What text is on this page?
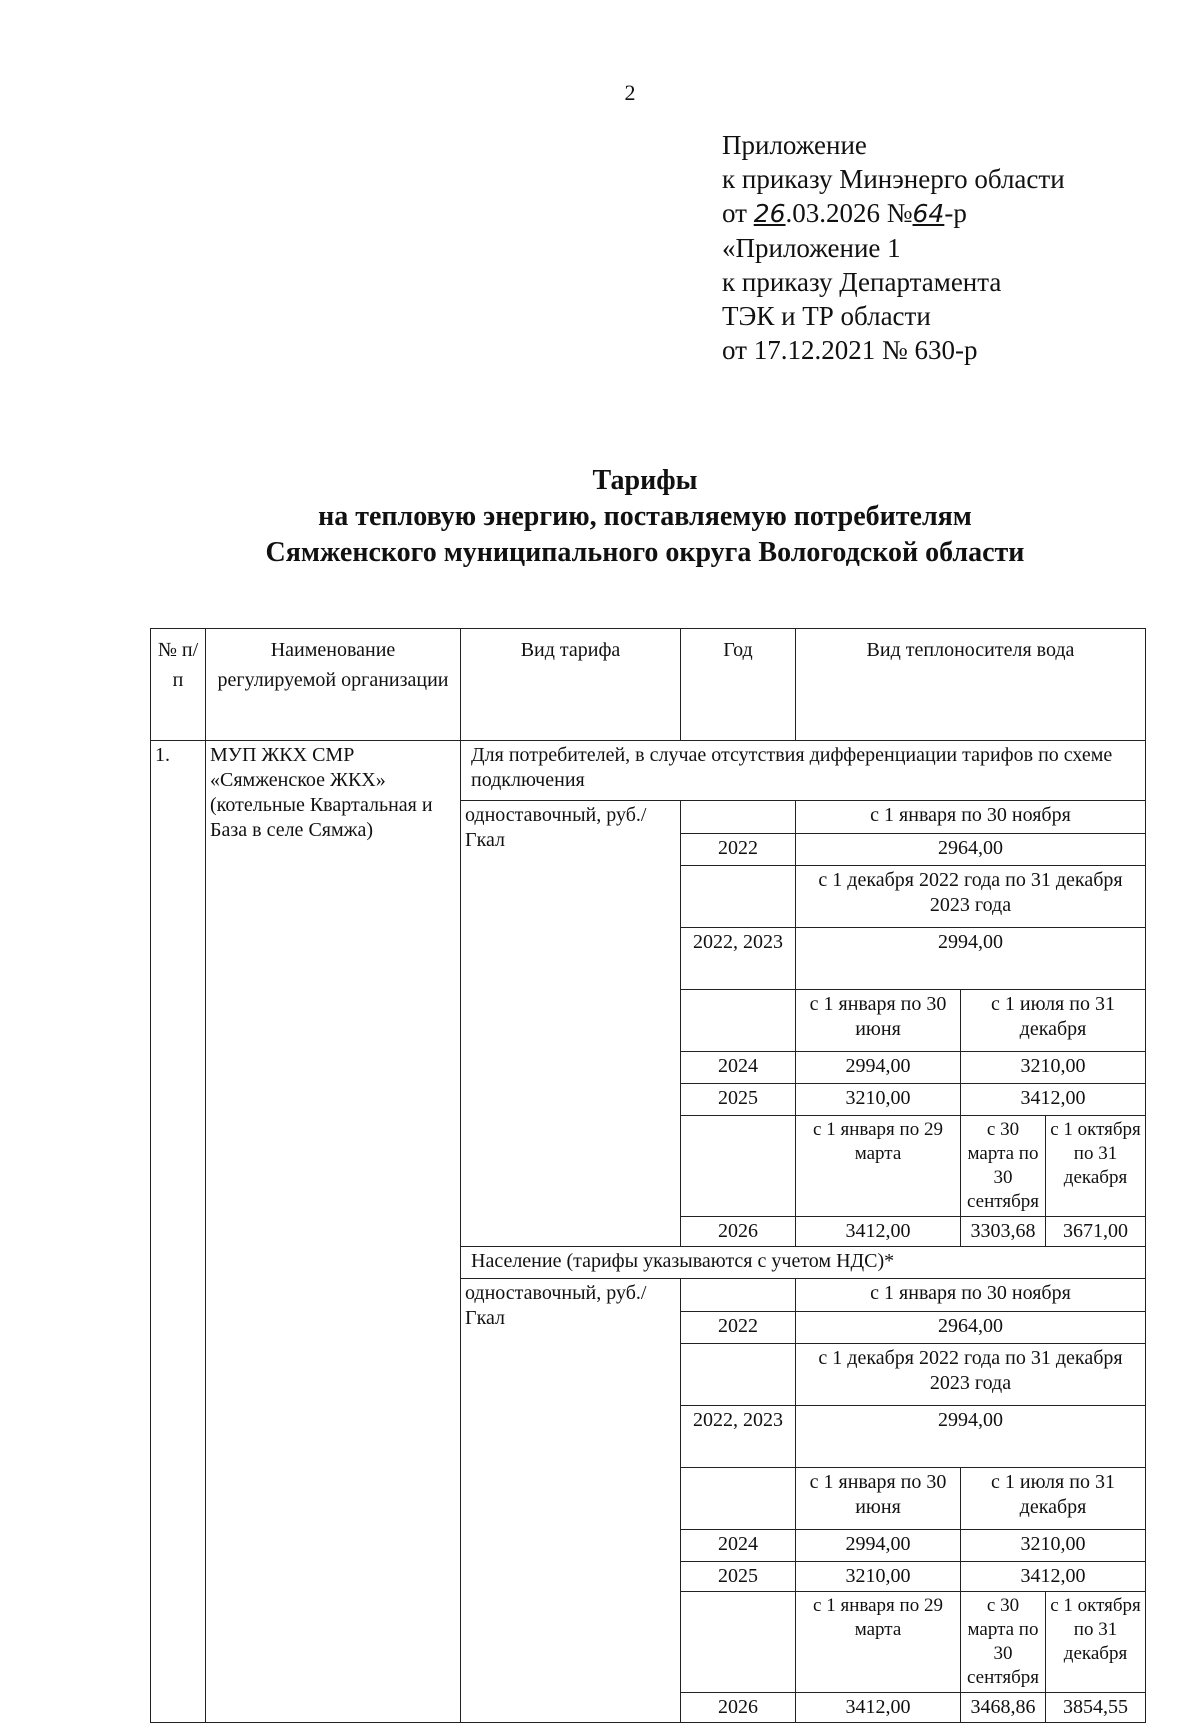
2
Приложение
к приказу Минэнерго области
от 26.03.2026 №64-р
«Приложение 1
к приказу Департамента
ТЭК и ТР области
от 17.12.2021 № 630-р
Тарифы
на тепловую энергию, поставляемую потребителям
Сямженского муниципального округа Вологодской области
№ п/п	Наименование регулируемой организации	Вид тарифа	Год	Вид теплоносителя вода		
1.	МУП ЖКХ СМР «Сямженское ЖКХ» (котельные Квартальная и База в селе Сямжа)	Для потребителей, в случае отсутствия дифференциации тарифов по схеме подключения				
		одноставочный, руб./Гкал		с 1 января по 30 ноября		
			2022	2964,00		
				с 1 декабря 2022 года по 31 декабря 2023 года		
			2022, 2023	2994,00		
				с 1 января по 30 июня	с 1 июля по 31 декабря	
			2024	2994,00	3210,00	
			2025	3210,00	3412,00	
				с 1 января по 29 марта	с 30 марта по 30 сентября	с 1 октября по 31 декабря
			2026	3412,00	3303,68	3671,00

		Население (тарифы указываются с учетом НДС)*				
		одноставочный, руб./Гкал		с 1 января по 30 ноября		
			2022	2964,00		
				с 1 декабря 2022 года по 31 декабря 2023 года		
			2022, 2023	2994,00		
				с 1 января по 30 июня	с 1 июля по 31 декабря	
			2024	2994,00	3210,00	
			2025	3210,00	3412,00	
				с 1 января по 29 марта	с 30 марта по 30 сентября	с 1 октября по 31 декабря
			2026	3412,00	3468,86	3854,55
